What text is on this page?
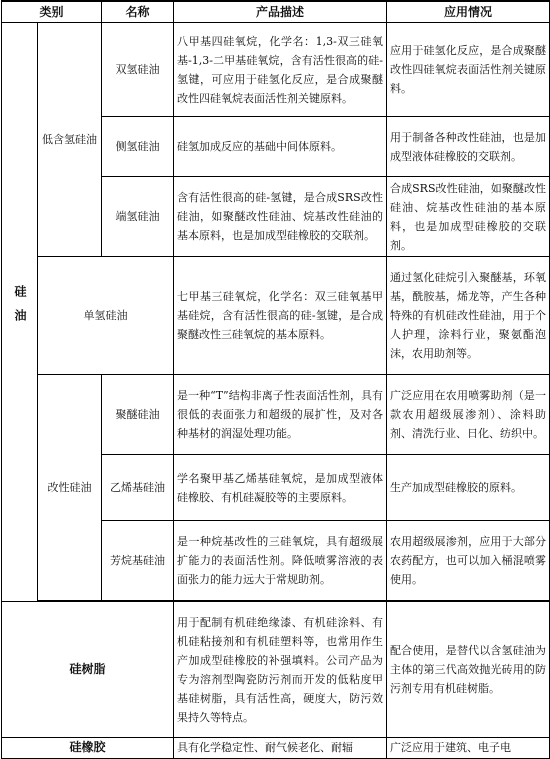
类别		名称	产品描述	应用情况
硅油	低含氢硅油	双氢硅油	八甲基四硅氧烷，化学名：1,3-双三硅氧基-1,3-二甲基硅氧烷，含有活性很高的硅-氢键，可应用于硅氢化反应，是合成聚醚改性四硅氧烷表面活性剂关键原料。	应用于硅氢化反应，是合成聚醚改性四硅氧烷表面活性剂关键原料。
		侧氢硅油	硅氢加成反应的基础中间体原料。	用于制备各种改性硅油，也是加成型液体硅橡胶的交联剂。
		端氢硅油	含有活性很高的硅-氢键，是合成SRS改性硅油，如聚醚改性硅油、烷基改性硅油的基本原料，也是加成型硅橡胶的交联剂。	合成SRS改性硅油，如聚醚改性硅油、烷基改性硅油的基本原料，也是加成型硅橡胶的交联剂。
	单氢硅油		七甲基三硅氧烷，化学名：双三硅氧基甲基硅烷，含有活性很高的硅-氢键，是合成聚醚改性三硅氧烷的基本原料。	通过氢化硅烷引入聚醚基，环氧基，酰胺基，烯龙等，产生各种特殊的有机硅改性硅油，用于个人护理，涂料行业，聚氨酯泡沫，农用助剂等。
	改性硅油	聚醚硅油	是一种“T”结构非离子性表面活性剂，具有很低的表面张力和超级的展扩性，及对各种基材的润湿处理功能。	广泛应用在农用喷雾助剂（是一款农用超级展渗剂）、涂料助剂、清洗行业、日化、纺织中。
		乙烯基硅油	学名聚甲基乙烯基硅氧烷，是加成型液体硅橡胶、有机硅凝胶等的主要原料。	生产加成型硅橡胶的原料。
		芳烷基硅油	是一种烷基改性的三硅氧烷，具有超级展扩能力的表面活性剂。降低喷雾溶液的表面张力的能力远大于常规助剂。	农用超级展渗剂，应用于大部分农药配方，也可以加入桶混喷雾使用。

硅树脂			用于配制有机硅绝缘漆、有机硅涂料、有 机硅粘接剂和有机硅塑料等，也常用作生产加成型硅橡胶的补强填料。公司产品为专为溶剂型陶瓷防污剂而开发的低粘度甲基硅树脂，具有活性高，硬度大，防污效果持久等特点。	配合使用，是替代以含氢硅油为主体的第三代高效抛光砖用的防污剂专用有机硅树脂。
硅橡胶			具有化学稳定性、耐气候老化、耐辐	广泛应用于建筑、电子电
